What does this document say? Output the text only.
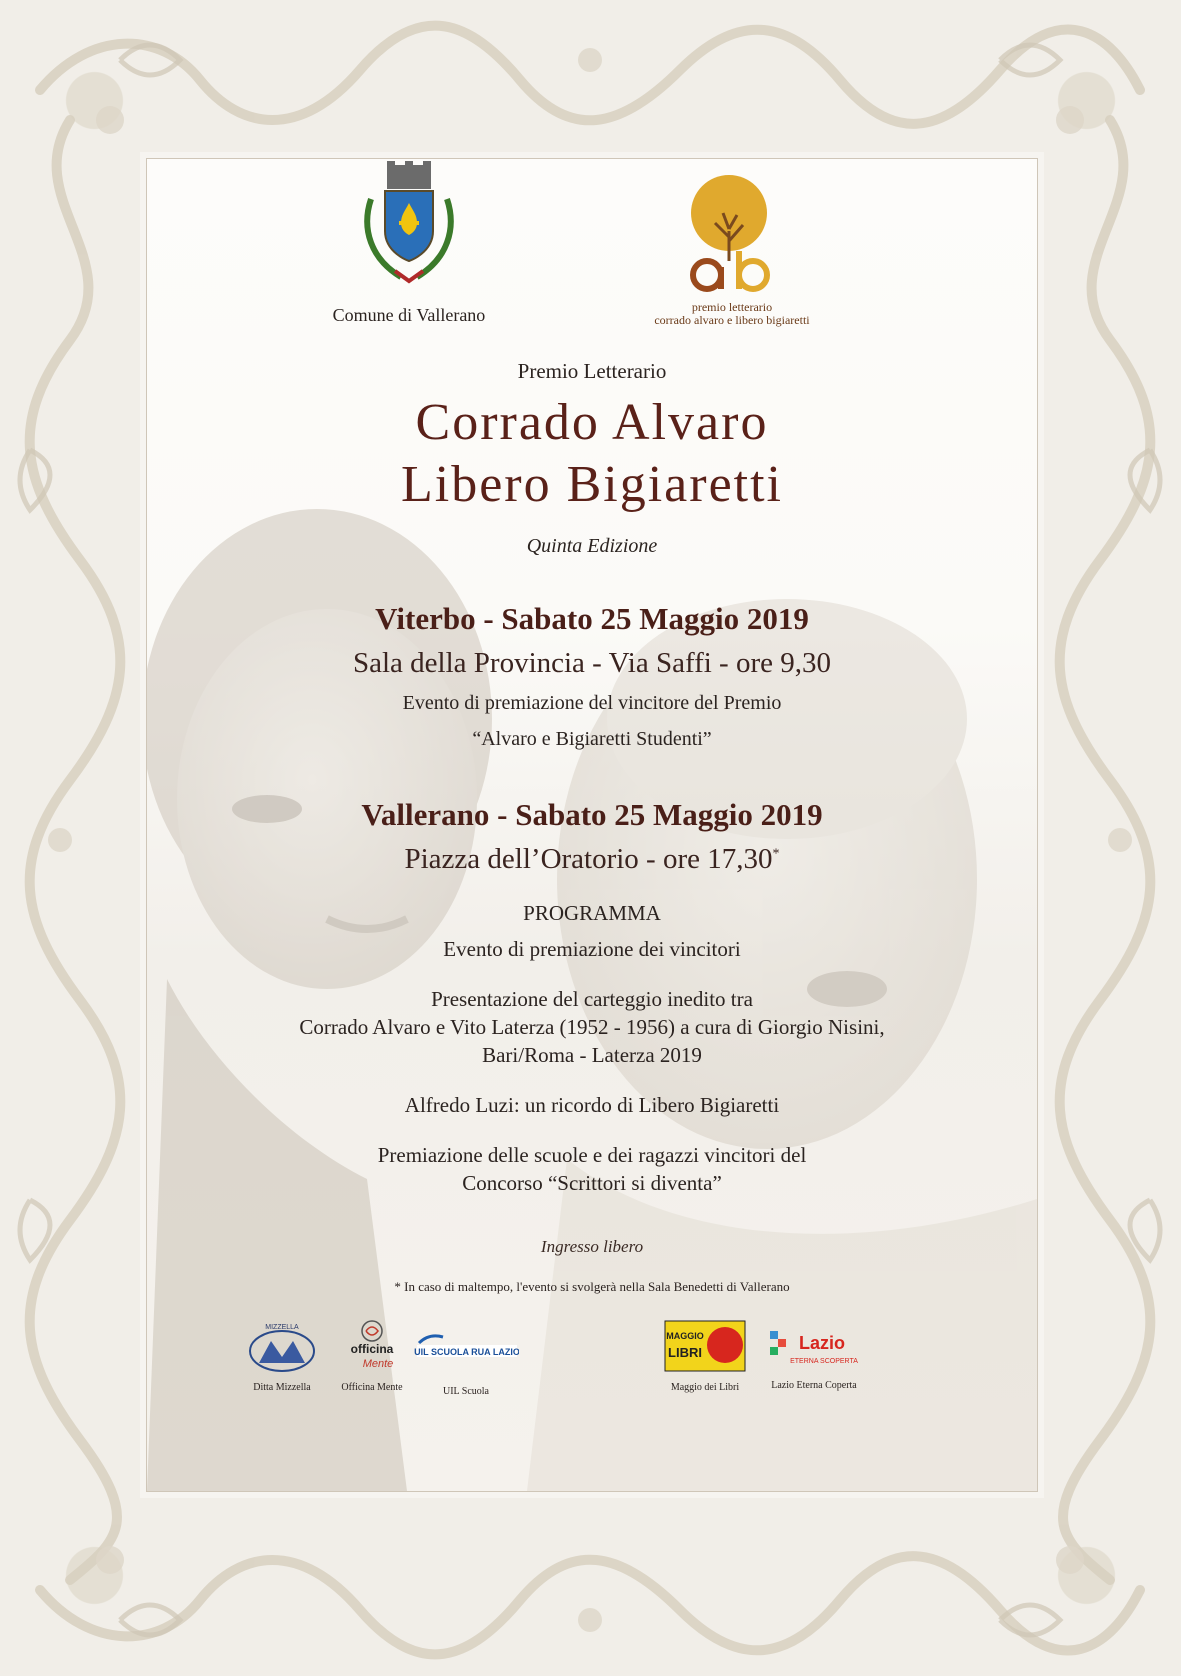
Comune di Vallerano	premio letterario
corrado alvaro e libero bigiaretti
Premio Letterario
Corrado Alvaro
Libero Bigiaretti
Quinta Edizione
Viterbo - Sabato 25 Maggio 2019
Sala della Provincia - Via Saffi - ore 9,30
Evento di premiazione del vincitore del Premio
“Alvaro e Bigiaretti Studenti”
Vallerano - Sabato 25 Maggio 2019
Piazza dell’Oratorio - ore 17,30*
PROGRAMMA
Evento di premiazione dei vincitori
Presentazione del carteggio inedito tra
Corrado Alvaro e Vito Laterza (1952 - 1956) a cura di Giorgio Nisini,
Bari/Roma - Laterza 2019
Alfredo Luzi: un ricordo di Libero Bigiaretti
Premiazione delle scuole e dei ragazzi vincitori del
Concorso “Scrittori si diventa”
Ingresso libero
* In caso di maltempo, l'evento si svolgerà nella Sala Benedetti di Vallerano
MIZZELLA
Ditta Mizzella
officina
Mente
Officina Mente
UIL SCUOLA RUA LAZIO
UIL Scuola
MAGGIO
LIBRI
Maggio dei Libri
Lazio
ETERNA SCOPERTA
Lazio Eterna Coperta
